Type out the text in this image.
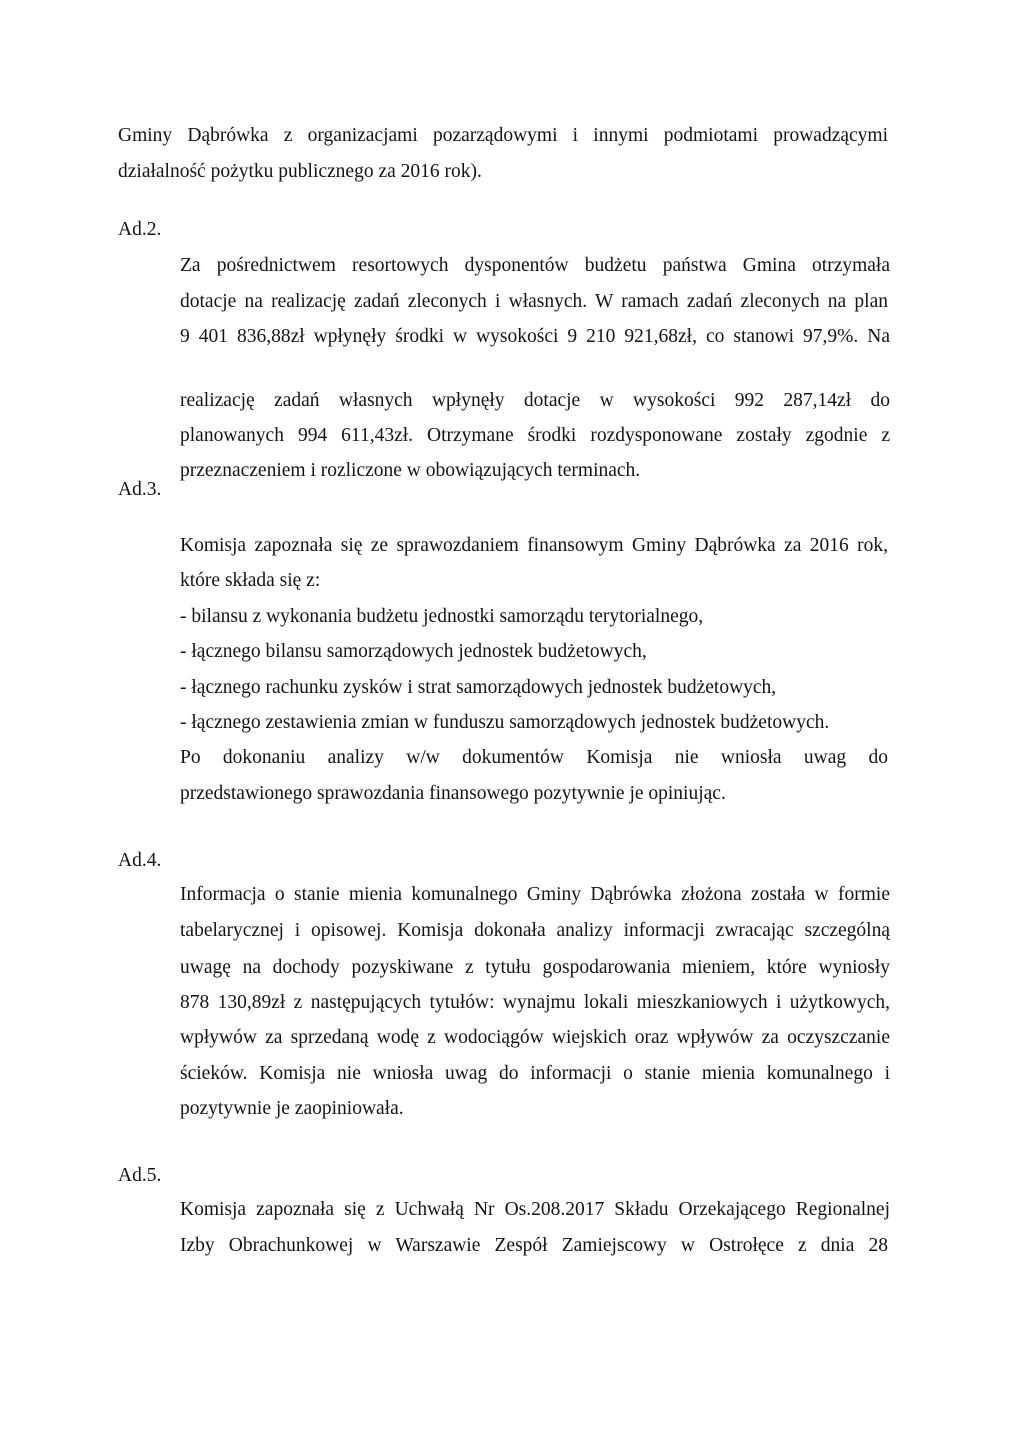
Gminy Dąbrówka z organizacjami pozarządowymi i innymi podmiotami prowadzącymi
działalność pożytku publicznego za 2016 rok).
Ad.2.
Za pośrednictwem resortowych dysponentów budżetu państwa Gmina otrzymała
dotacje na realizację zadań zleconych i własnych. W ramach zadań zleconych na plan
9 401 836,88zł wpłynęły środki w wysokości 9 210 921,68zł, co stanowi 97,9%. Na
realizację zadań własnych wpłynęły dotacje w wysokości 992 287,14zł do
planowanych 994 611,43zł. Otrzymane środki rozdysponowane zostały zgodnie z
przeznaczeniem i rozliczone w obowiązujących terminach.
Ad.3.
Komisja zapoznała się ze sprawozdaniem finansowym Gminy Dąbrówka za 2016 rok,
które składa się z:
- bilansu z wykonania budżetu jednostki samorządu terytorialnego,
- łącznego bilansu samorządowych jednostek budżetowych,
- łącznego rachunku zysków i strat samorządowych jednostek budżetowych,
- łącznego zestawienia zmian w funduszu samorządowych jednostek budżetowych.
Po dokonaniu analizy w/w dokumentów Komisja nie wniosła uwag do
przedstawionego sprawozdania finansowego pozytywnie je opiniując.
Ad.4.
Informacja o stanie mienia komunalnego Gminy Dąbrówka złożona została w formie
tabelarycznej i opisowej. Komisja dokonała analizy informacji zwracając szczególną
uwagę na dochody pozyskiwane z tytułu gospodarowania mieniem, które wyniosły
878 130,89zł z następujących tytułów: wynajmu lokali mieszkaniowych i użytkowych,
wpływów za sprzedaną wodę z wodociągów wiejskich oraz wpływów za oczyszczanie
ścieków. Komisja nie wniosła uwag do informacji o stanie mienia komunalnego i
pozytywnie je zaopiniowała.
Ad.5.
Komisja zapoznała się z Uchwałą Nr Os.208.2017 Składu Orzekającego Regionalnej
Izby Obrachunkowej w Warszawie Zespół Zamiejscowy w Ostrołęce z dnia 28
